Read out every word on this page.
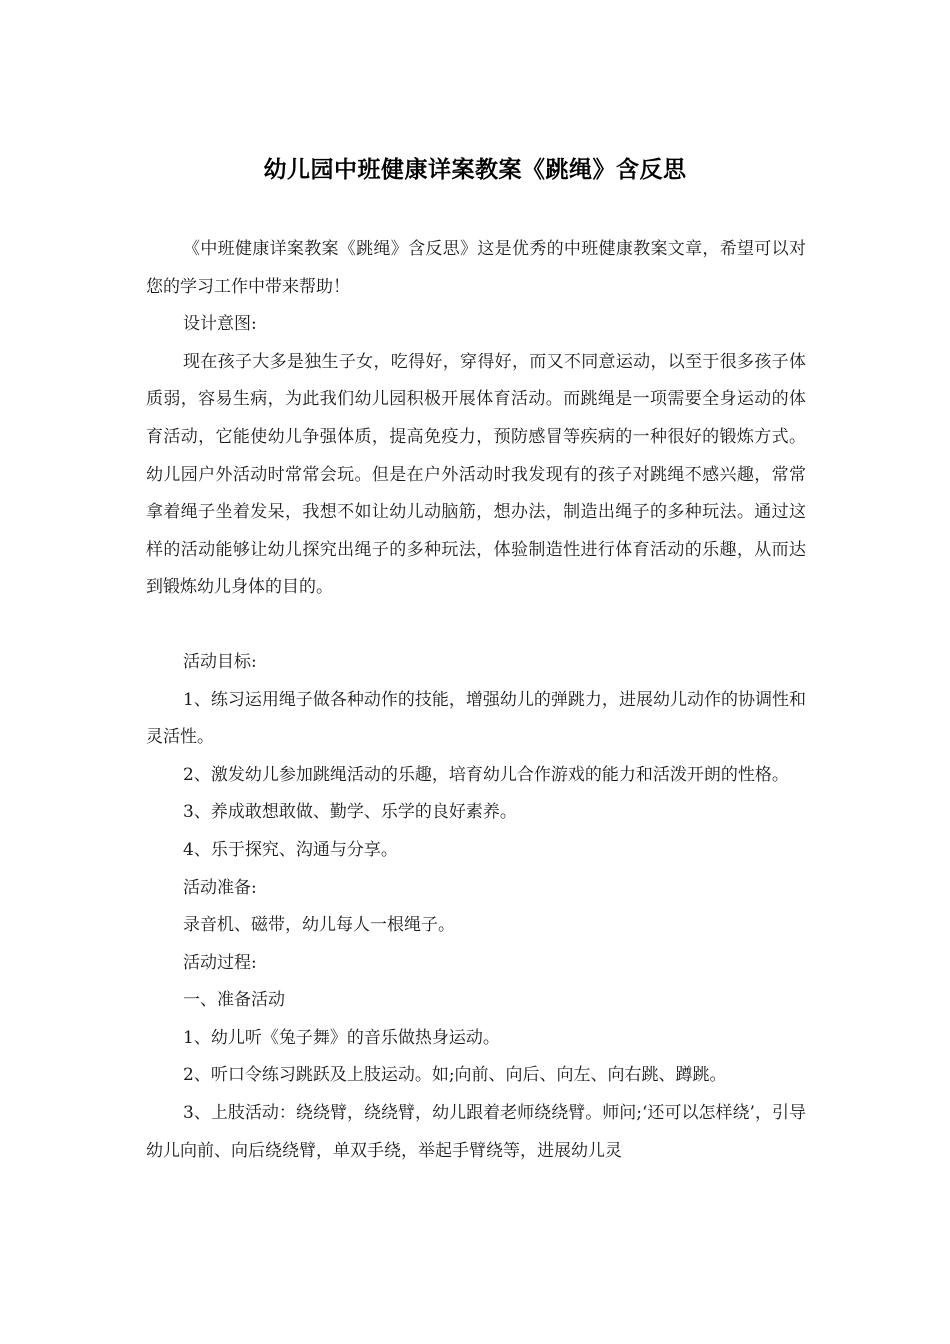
幼儿园中班健康详案教案《跳绳》含反思

《中班健康详案教案《跳绳》含反思》这是优秀的中班健康教案文章，希望可以对您的学习工作中带来帮助！

设计意图:

现在孩子大多是独生子女，吃得好，穿得好，而又不同意运动，以至于很多孩子体质弱，容易生病，为此我们幼儿园积极开展体育活动。而跳绳是一项需要全身运动的体育活动，它能使幼儿争强体质，提高免疫力，预防感冒等疾病的一种很好的锻炼方式。幼儿园户外活动时常常会玩。但是在户外活动时我发现有的孩子对跳绳不感兴趣，常常拿着绳子坐着发呆，我想不如让幼儿动脑筋，想办法，制造出绳子的多种玩法。通过这样的活动能够让幼儿探究出绳子的多种玩法，体验制造性进行体育活动的乐趣，从而达到锻炼幼儿身体的目的。

活动目标:

1、练习运用绳子做各种动作的技能，增强幼儿的弹跳力，进展幼儿动作的协调性和灵活性。

2、激发幼儿参加跳绳活动的乐趣，培育幼儿合作游戏的能力和活泼开朗的性格。

3、养成敢想敢做、勤学、乐学的良好素养。

4、乐于探究、沟通与分享。

活动准备:

录音机、磁带，幼儿每人一根绳子。

活动过程:

一、准备活动

1、幼儿听《兔子舞》的音乐做热身运动。

2、听口令练习跳跃及上肢运动。如;向前、向后、向左、向右跳、蹲跳。

3、上肢活动：绕绕臂，绕绕臂，幼儿跟着老师绕绕臂。师问;‘还可以怎样绕’，引导幼儿向前、向后绕绕臂，单双手绕，举起手臂绕等，进展幼儿灵
